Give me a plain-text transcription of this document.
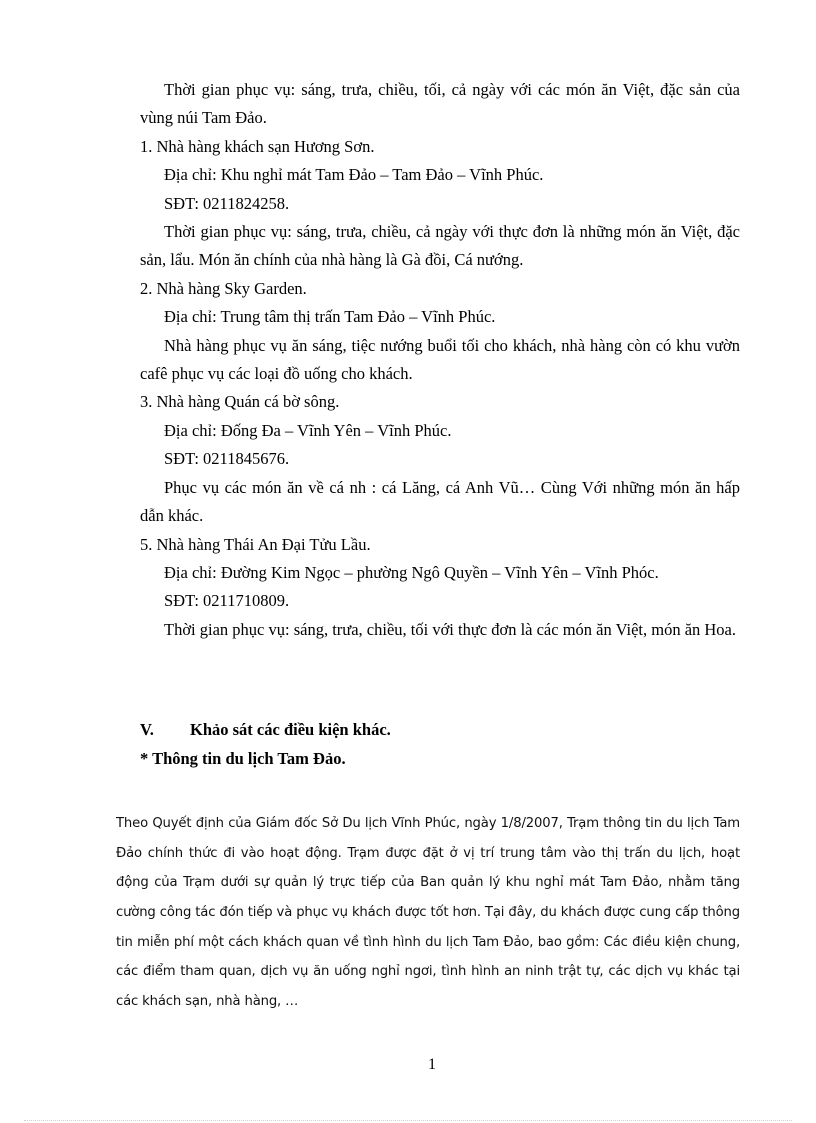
Thời gian phục vụ: sáng, trưa, chiều, tối, cả ngày với các món ăn Việt, đặc sản của vùng núi Tam Đảo.

1. Nhà hàng khách sạn Hương Sơn.

Địa chỉ: Khu nghỉ mát Tam Đảo – Tam Đảo – Vĩnh Phúc.

SĐT: 0211824258.

Thời gian phục vụ: sáng, trưa, chiều, cả ngày với thực đơn là những món ăn Việt, đặc sản, lẩu. Món ăn chính của nhà hàng là Gà đồi, Cá nướng.

2. Nhà hàng Sky Garden.

Địa chỉ: Trung tâm thị trấn Tam Đảo – Vĩnh Phúc.

Nhà hàng phục vụ ăn sáng, tiệc nướng buổi tối cho khách, nhà hàng còn có khu vườn cafê phục vụ các loại đồ uống cho khách.

3. Nhà hàng Quán cá bờ sông.

Địa chỉ: Đống Đa – Vĩnh Yên – Vĩnh Phúc.

SĐT: 0211845676.

Phục vụ các món ăn về cá nh : cá Lăng, cá Anh Vũ… Cùng Với những món ăn hấp dẫn khác.

5. Nhà hàng Thái An Đại Tửu Lầu.

Địa chỉ: Đường Kim Ngọc – phường Ngô Quyền – Vĩnh Yên – Vĩnh Phóc.

SĐT: 0211710809.

Thời gian phục vụ: sáng, trưa, chiều, tối với thực đơn là các món ăn Việt, món ăn Hoa.

V.	Khảo sát các điều kiện khác.
* Thông tin du lịch Tam Đảo.

Theo Quyết định của Giám đốc Sở Du lịch Vĩnh Phúc, ngày 1/8/2007, Trạm thông tin du lịch Tam Đảo chính thức đi vào hoạt động. Trạm được đặt ở vị trí trung tâm vào thị trấn du lịch, hoạt động của Trạm dưới sự quản lý trực tiếp của Ban quản lý khu nghỉ mát Tam Đảo, nhằm tăng cường công tác đón tiếp và phục vụ khách được tốt hơn. Tại đây, du khách được cung cấp thông tin miễn phí một cách khách quan về tình hình du lịch Tam Đảo, bao gồm: Các điều kiện chung, các điểm tham quan, dịch vụ ăn uống nghỉ ngơi, tình hình an ninh trật tự, các dịch vụ khác tại các khách sạn, nhà hàng, …

1
